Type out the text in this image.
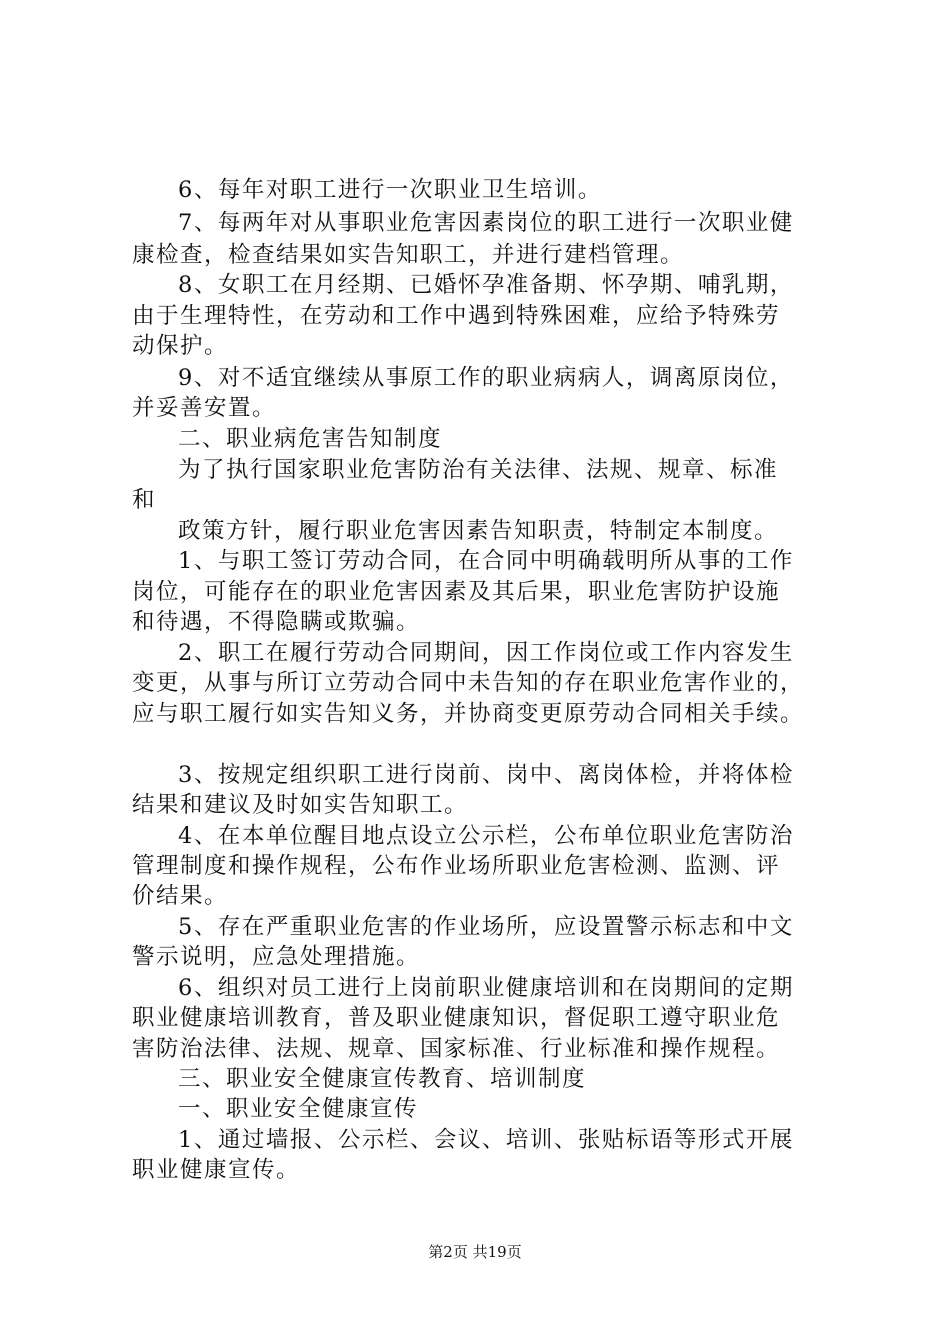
6、每年对职工进行一次职业卫生培训。

7、每两年对从事职业危害因素岗位的职工进行一次职业健

康检查，检查结果如实告知职工，并进行建档管理。

8、女职工在月经期、已婚怀孕准备期、怀孕期、哺乳期，

由于生理特性，在劳动和工作中遇到特殊困难，应给予特殊劳

动保护。

9、对不适宜继续从事原工作的职业病病人，调离原岗位，

并妥善安置。

二、职业病危害告知制度

为了执行国家职业危害防治有关法律、法规、规章、标准

和

政策方针，履行职业危害因素告知职责，特制定本制度。

1、与职工签订劳动合同，在合同中明确载明所从事的工作

岗位，可能存在的职业危害因素及其后果，职业危害防护设施

和待遇，不得隐瞒或欺骗。

2、职工在履行劳动合同期间，因工作岗位或工作内容发生

变更，从事与所订立劳动合同中未告知的存在职业危害作业的，

应与职工履行如实告知义务，并协商变更原劳动合同相关手续。

3、按规定组织职工进行岗前、岗中、离岗体检，并将体检

结果和建议及时如实告知职工。

4、在本单位醒目地点设立公示栏，公布单位职业危害防治

管理制度和操作规程，公布作业场所职业危害检测、监测、评

价结果。

5、存在严重职业危害的作业场所，应设置警示标志和中文

警示说明，应急处理措施。

6、组织对员工进行上岗前职业健康培训和在岗期间的定期

职业健康培训教育，普及职业健康知识，督促职工遵守职业危

害防治法律、法规、规章、国家标准、行业标准和操作规程。

三、职业安全健康宣传教育、培训制度

一、职业安全健康宣传

1、通过墙报、公示栏、会议、培训、张贴标语等形式开展

职业健康宣传。

第2页 共19页
